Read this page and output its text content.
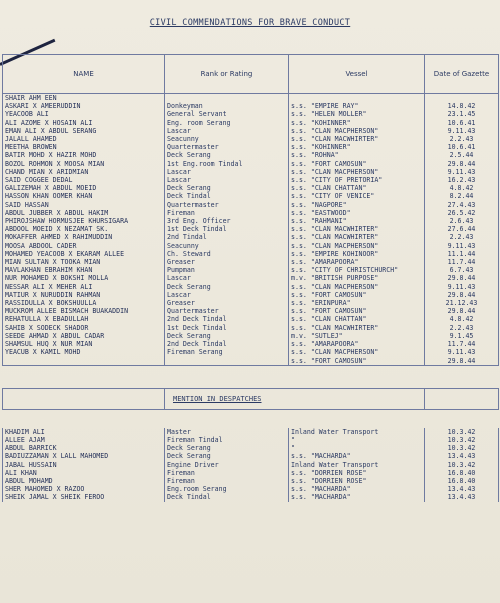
CIVIL COMMENDATIONS FOR BRAVE CONDUCT
NAME	Rank or Rating	Vessel	Date of Gazette
SHAIR AHM EEN			
ASKARI X AMEERUDDIN	Donkeyman	s.s. "EMPIRE RAY"	14.8.42
YEACOOB ALI	General Servant	s.s. "HELEN MOLLER"	23.1.45
ALI AZOME X HOSAIN ALI	Eng. room Serang	s.s. "KOHINNER"	10.6.41
EMAN ALI X ABDUL SERANG	Lascar	s.s. "CLAN MACPHERSON"	9.11.43
JALALL AHAMED	Seacunny	s.s. "CLAN MACWHIRTER"	2.2.43
MEETHA BROWEN	Quartermaster	s.s. "KOHINNER"	10.6.41
BATIR MOHD X HAZIR MOHD	Deck Serang	s.s. "ROHNA"	2.5.44
BOZOL ROHMON X MOOSA MIAN	1st Eng.room Tindal	s.s. "FORT CAMOSUN"	29.8.44
CHAND MIAN X ARIDMIAN	Lascar	s.s. "CLAN MACPHERSON"	9.11.43
SAID COGGEE DEDAL	Lascar	s.s. "CITY OF PRETORIA"	16.2.43
GALIZEMAH X ABDUL MOEID	Deck Serang	s.s. "CLAN CHATTAN"	4.8.42
HASSON KHAN OOMER KHAN	Deck Tindal	s.s. "CITY OF VENICE"	8.2.44
SAID HASSAN	Quartermaster	s.s. "NAGPORE"	27.4.43
ABDUL JUBBER X ABDUL HAKIM	Fireman	s.s. "EASTWOOD"	26.5.42
PHIROJSHAW HORMUSJEE KHURSIGARA	3rd Eng. Officer	s.s. "RAHMANI"	2.6.43
ABDOOL MOEID X NEZAMAT SK.	1st Deck Tindal	s.s. "CLAN MACWHIRTER"	27.6.44
MOKAFFER AHMED X RAHIMUDDIN	2nd Tindal	s.s. "CLAN MACWHIRTER"	2.2.43
MOOSA ABDOOL CADER	Seacunny	s.s. "CLAN MACPHERSON"	9.11.43
MOHAMED YEACOOB X EKARAM ALLEE	Ch. Steward	s.s. "EMPIRE KOHINOOR"	11.1.44
MIAN SULTAN X TOOKA MIAN	Greaser	s.s. "AMARAPOORA"	11.7.44
MAVLAKHAN EBRAHIM KHAN	Pumpman	s.s. "CITY OF CHRISTCHURCH"	6.7.43
NUR MOHAMED X BOKSHI MOLLA	Lascar	m.v. "BRITISH PURPOSE"	29.8.44
NESSAR ALI X MEHER ALI	Deck Serang	s.s. "CLAN MACPHERSON"	9.11.43
MATIUR X NURUDDIN RAHMAN	Lascar	s.s. "FORT CAMOSUN"	29.8.44
RASSIDULLA X BOKSHUULLA	Greaser	s.s. "ERINPURA"	21.12.43
MUCKROM ALLEE BISMACH BUAKADDIN	Quartermaster	s.s. "FORT CAMOSUN"	29.8.44
REHATULLA X EBADULLAH	2nd Deck Tindal	s.s. "CLAN CHATTAN"	4.8.42
SAHIB X SODECK SHADOR	1st Deck Tindal	s.s. "CLAN MACWHIRTER"	2.2.43
SEEDE AHMAD X ABDUL CADAR	Deck Serang	m.v. "SUTLEJ"	9.1.45
SHAMSUL HUQ X NUR MIAN	2nd Deck Tindal	s.s. "AMARAPOORA"	11.7.44
YEACUB X KAMIL MOHD	Fireman Serang	s.s. "CLAN MACPHERSON"	9.11.43
		s.s. "FORT CAMOSUN"	29.8.44

	MENTION IN DESPATCHES		

KHADIM ALI	Master	Inland Water Transport	10.3.42
ALLEE AJAM	Fireman Tindal	"	10.3.42
ABDUL BARRICK	Deck Serang	"	10.3.42
BADIUZZAMAN X LALL MAHOMED	Deck Serang	s.s. "MACHARDA"	13.4.43
JABAL HUSSAIN	Engine Driver	Inland Water Transport	10.3.42
ALI KHAN	Fireman	s.s. "DORRIEN ROSE"	16.8.40
ABDUL MOHAMD	Fireman	s.s. "DORRIEN ROSE"	16.8.40
SHER MAHOMED X RAZOO	Eng.room Serang	s.s. "MACHARDA"	13.4.43
SHEIK JAMAL X SHEIK FEROO	Deck Tindal	s.s. "MACHARDA"	13.4.43
